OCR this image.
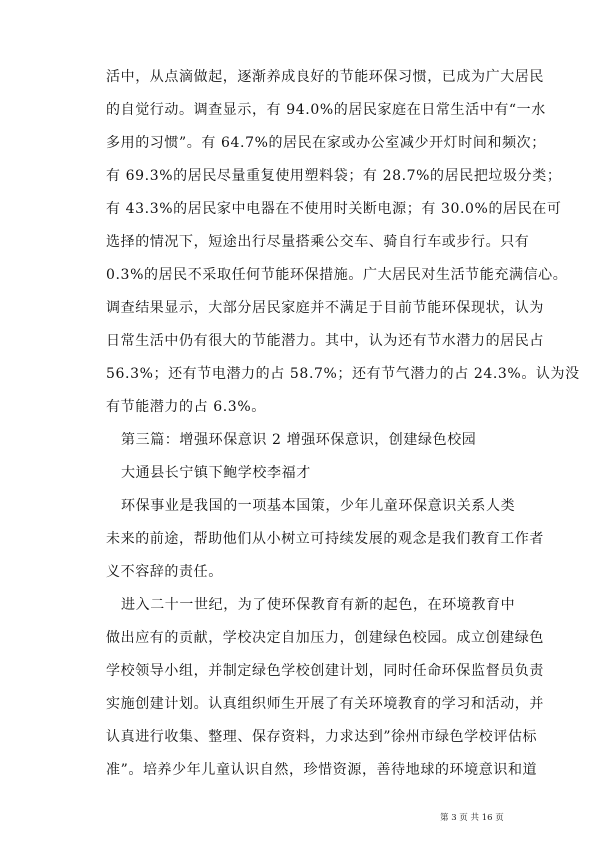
活中，从点滴做起，逐渐养成良好的节能环保习惯，已成为广大居民
的自觉行动。调查显示，有 94.0%的居民家庭在日常生活中有“一水
多用的习惯”。有 64.7%的居民在家或办公室减少开灯时间和频次；
有 69.3%的居民尽量重复使用塑料袋；有 28.7%的居民把垃圾分类；
有 43.3%的居民家中电器在不使用时关断电源；有 30.0%的居民在可
选择的情况下，短途出行尽量搭乘公交车、骑自行车或步行。只有
0.3%的居民不采取任何节能环保措施。广大居民对生活节能充满信心。
调查结果显示，大部分居民家庭并不满足于目前节能环保现状，认为
日常生活中仍有很大的节能潜力。其中，认为还有节水潜力的居民占
56.3%；还有节电潜力的占 58.7%；还有节气潜力的占 24.3%。认为没
有节能潜力的占 6.3%。
第三篇：增强环保意识 2 增强环保意识，创建绿色校园
大通县长宁镇下鲍学校李福才
环保事业是我国的一项基本国策，少年儿童环保意识关系人类
未来的前途，帮助他们从小树立可持续发展的观念是我们教育工作者
义不容辞的责任。
进入二十一世纪，为了使环保教育有新的起色，在环境教育中
做出应有的贡献，学校决定自加压力，创建绿色校园。成立创建绿色
学校领导小组，并制定绿色学校创建计划，同时任命环保监督员负责
实施创建计划。认真组织师生开展了有关环境教育的学习和活动，并
认真进行收集、整理、保存资料，力求达到”徐州市绿色学校评估标
准”。培养少年儿童认识自然，珍惜资源，善待地球的环境意识和道
第 3 页 共 16 页
